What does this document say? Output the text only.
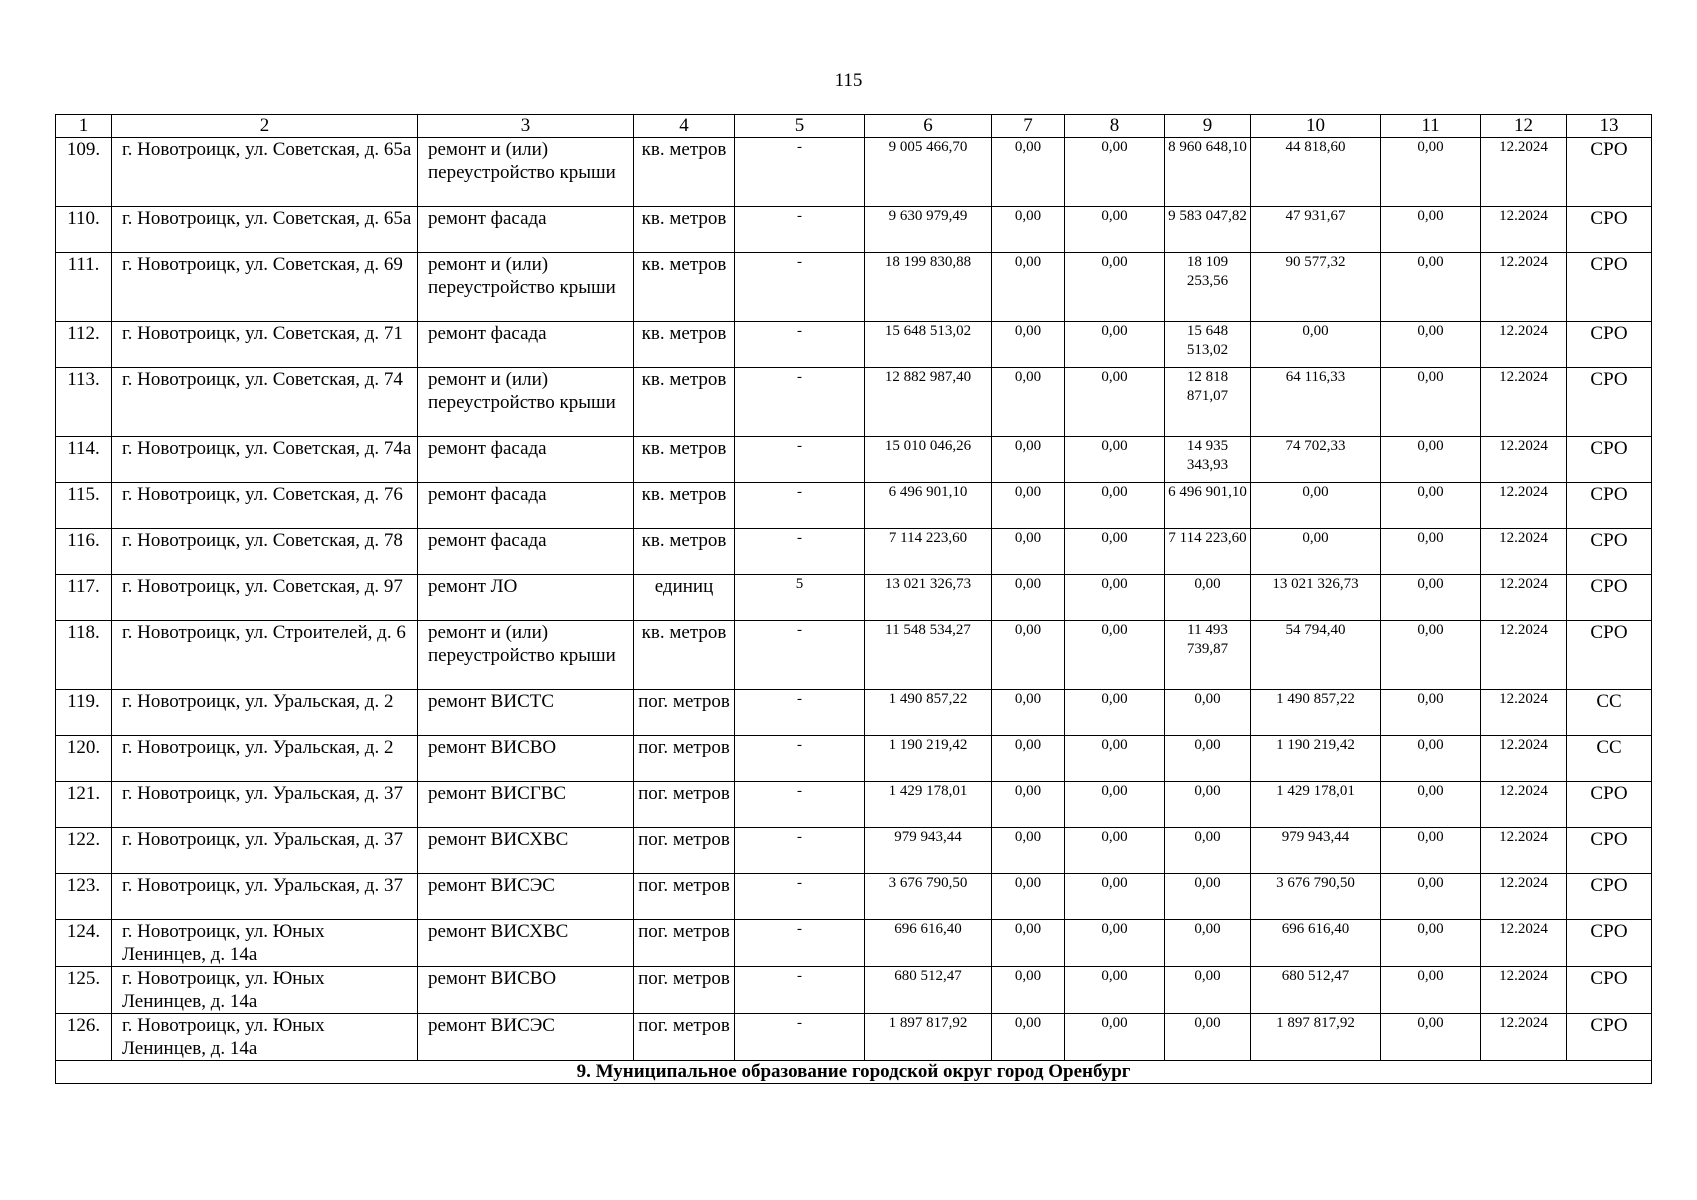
115
1	2	3	4	5	6	7	8	9	10	11	12	13
109.	г. Новотроицк, ул. Советская, д. 65а	ремонт и (или) переустройство крыши	кв. метров	-	9 005 466,70	0,00	0,00	8 960 648,10	44 818,60	0,00	12.2024	СРО
110.	г. Новотроицк, ул. Советская, д. 65а	ремонт фасада	кв. метров	-	9 630 979,49	0,00	0,00	9 583 047,82	47 931,67	0,00	12.2024	СРО
111.	г. Новотроицк, ул. Советская, д. 69	ремонт и (или) переустройство крыши	кв. метров	-	18 199 830,88	0,00	0,00	18 109 253,56	90 577,32	0,00	12.2024	СРО
112.	г. Новотроицк, ул. Советская, д. 71	ремонт фасада	кв. метров	-	15 648 513,02	0,00	0,00	15 648 513,02	0,00	0,00	12.2024	СРО
113.	г. Новотроицк, ул. Советская, д. 74	ремонт и (или) переустройство крыши	кв. метров	-	12 882 987,40	0,00	0,00	12 818 871,07	64 116,33	0,00	12.2024	СРО
114.	г. Новотроицк, ул. Советская, д. 74а	ремонт фасада	кв. метров	-	15 010 046,26	0,00	0,00	14 935 343,93	74 702,33	0,00	12.2024	СРО
115.	г. Новотроицк, ул. Советская, д. 76	ремонт фасада	кв. метров	-	6 496 901,10	0,00	0,00	6 496 901,10	0,00	0,00	12.2024	СРО
116.	г. Новотроицк, ул. Советская, д. 78	ремонт фасада	кв. метров	-	7 114 223,60	0,00	0,00	7 114 223,60	0,00	0,00	12.2024	СРО
117.	г. Новотроицк, ул. Советская, д. 97	ремонт ЛО	единиц	5	13 021 326,73	0,00	0,00	0,00	13 021 326,73	0,00	12.2024	СРО
118.	г. Новотроицк, ул. Строителей, д. 6	ремонт и (или) переустройство крыши	кв. метров	-	11 548 534,27	0,00	0,00	11 493 739,87	54 794,40	0,00	12.2024	СРО
119.	г. Новотроицк, ул. Уральская, д. 2	ремонт ВИСТС	пог. метров	-	1 490 857,22	0,00	0,00	0,00	1 490 857,22	0,00	12.2024	СС
120.	г. Новотроицк, ул. Уральская, д. 2	ремонт ВИСВО	пог. метров	-	1 190 219,42	0,00	0,00	0,00	1 190 219,42	0,00	12.2024	СС
121.	г. Новотроицк, ул. Уральская, д. 37	ремонт ВИСГВС	пог. метров	-	1 429 178,01	0,00	0,00	0,00	1 429 178,01	0,00	12.2024	СРО
122.	г. Новотроицк, ул. Уральская, д. 37	ремонт ВИСХВС	пог. метров	-	979 943,44	0,00	0,00	0,00	979 943,44	0,00	12.2024	СРО
123.	г. Новотроицк, ул. Уральская, д. 37	ремонт ВИСЭС	пог. метров	-	3 676 790,50	0,00	0,00	0,00	3 676 790,50	0,00	12.2024	СРО
124.	г. Новотроицк, ул. Юных Ленинцев, д. 14а	ремонт ВИСХВС	пог. метров	-	696 616,40	0,00	0,00	0,00	696 616,40	0,00	12.2024	СРО
125.	г. Новотроицк, ул. Юных Ленинцев, д. 14а	ремонт ВИСВО	пог. метров	-	680 512,47	0,00	0,00	0,00	680 512,47	0,00	12.2024	СРО
126.	г. Новотроицк, ул. Юных Ленинцев, д. 14а	ремонт ВИСЭС	пог. метров	-	1 897 817,92	0,00	0,00	0,00	1 897 817,92	0,00	12.2024	СРО
9. Муниципальное образование городской округ город Оренбург												
